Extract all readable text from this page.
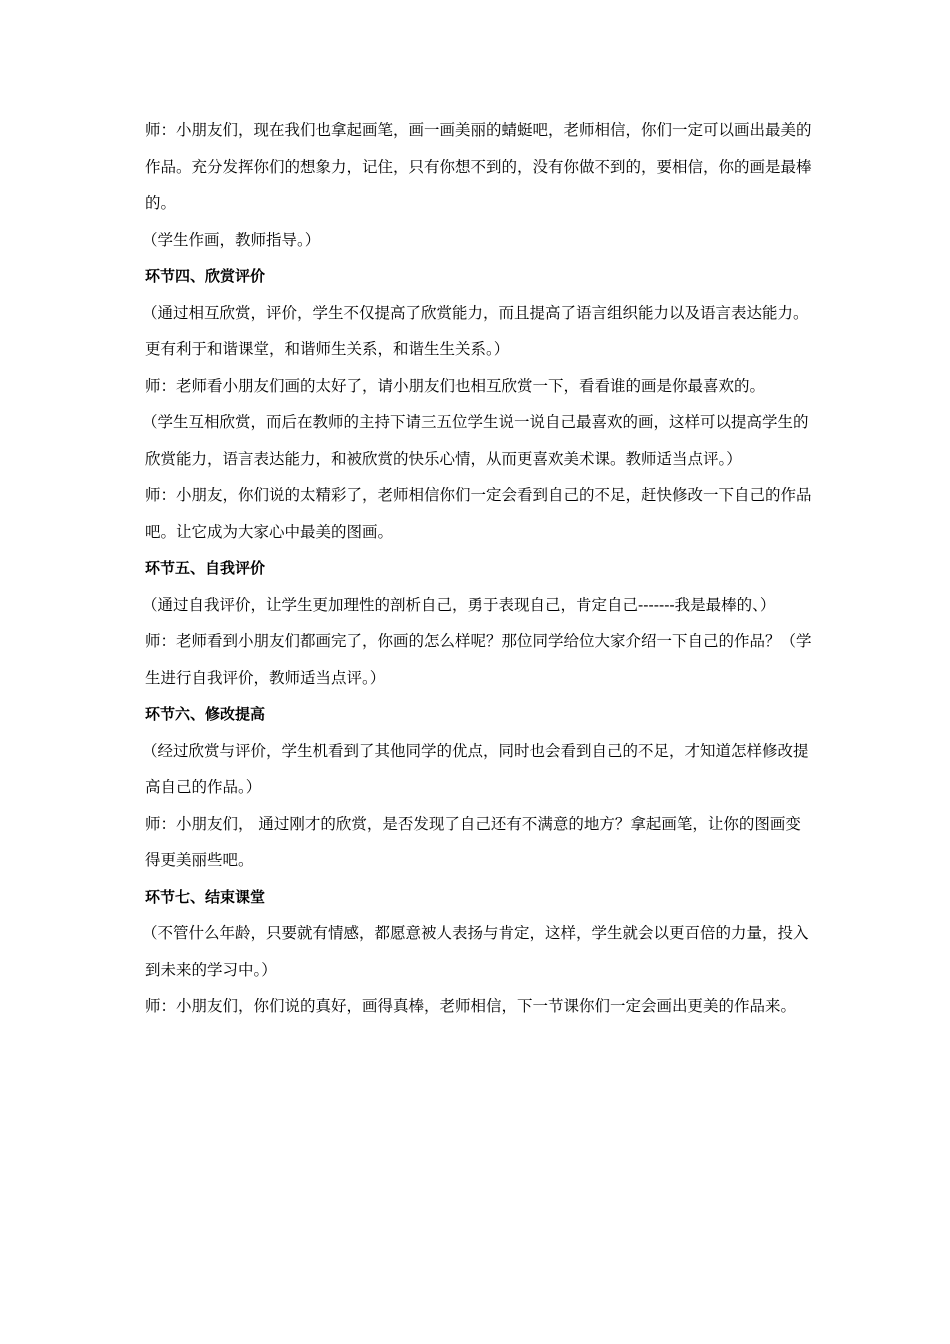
师：小朋友们，现在我们也拿起画笔，画一画美丽的蜻蜓吧，老师相信，你们一定可以画出最美的作品。充分发挥你们的想象力，记住，只有你想不到的，没有你做不到的，要相信，你的画是最棒的。

（学生作画，教师指导。）

环节四、欣赏评价

（通过相互欣赏，评价，学生不仅提高了欣赏能力，而且提高了语言组织能力以及语言表达能力。更有利于和谐课堂，和谐师生关系，和谐生生关系。）

师：老师看小朋友们画的太好了，请小朋友们也相互欣赏一下，看看谁的画是你最喜欢的。

（学生互相欣赏，而后在教师的主持下请三五位学生说一说自己最喜欢的画，这样可以提高学生的欣赏能力，语言表达能力，和被欣赏的快乐心情，从而更喜欢美术课。教师适当点评。）

师：小朋友，你们说的太精彩了，老师相信你们一定会看到自己的不足，赶快修改一下自己的作品吧。让它成为大家心中最美的图画。

环节五、自我评价

（通过自我评价，让学生更加理性的剖析自己，勇于表现自己，肯定自己-------我是最棒的、）

师：老师看到小朋友们都画完了，你画的怎么样呢？那位同学给位大家介绍一下自己的作品？（学生进行自我评价，教师适当点评。）

环节六、修改提高

（经过欣赏与评价，学生机看到了其他同学的优点，同时也会看到自己的不足，才知道怎样修改提高自己的作品。）

师：小朋友们， 通过刚才的欣赏，是否发现了自己还有不满意的地方？拿起画笔，让你的图画变得更美丽些吧。

环节七、结束课堂

（不管什么年龄，只要就有情感，都愿意被人表扬与肯定，这样，学生就会以更百倍的力量，投入到未来的学习中。）

师：小朋友们，你们说的真好，画得真棒，老师相信，下一节课你们一定会画出更美的作品来。
